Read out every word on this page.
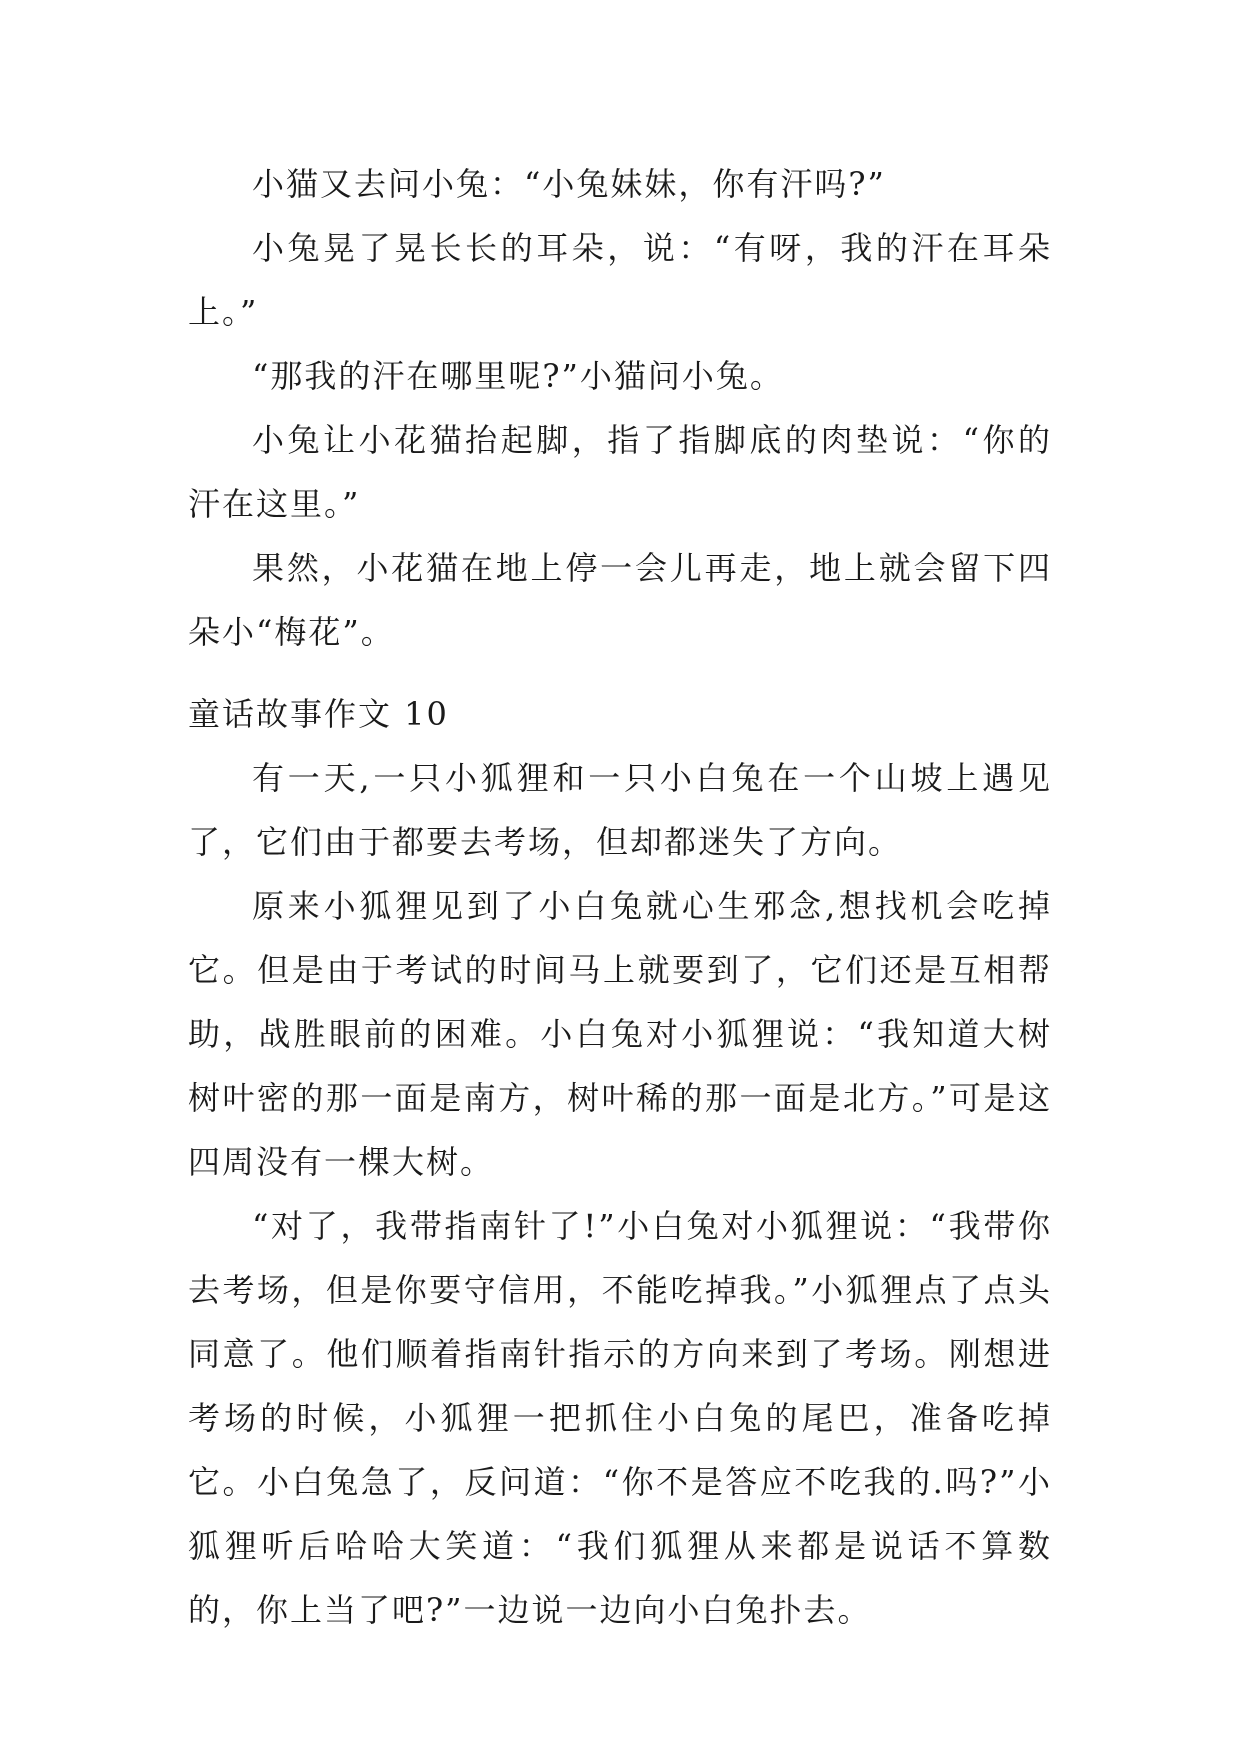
小猫又去问小兔：“小兔妹妹，你有汗吗?”

小兔晃了晃长长的耳朵，说：“有呀，我的汗在耳朵上。”

“那我的汗在哪里呢?”小猫问小兔。

小兔让小花猫抬起脚，指了指脚底的肉垫说：“你的汗在这里。”

果然，小花猫在地上停一会儿再走，地上就会留下四朵小“梅花”。

童话故事作文 10

有一天,一只小狐狸和一只小白兔在一个山坡上遇见了，它们由于都要去考场，但却都迷失了方向。

原来小狐狸见到了小白兔就心生邪念,想找机会吃掉它。但是由于考试的时间马上就要到了，它们还是互相帮助，战胜眼前的困难。小白兔对小狐狸说：“我知道大树树叶密的那一面是南方，树叶稀的那一面是北方。”可是这四周没有一棵大树。

“对了，我带指南针了!”小白兔对小狐狸说：“我带你去考场，但是你要守信用，不能吃掉我。”小狐狸点了点头同意了。他们顺着指南针指示的方向来到了考场。刚想进考场的时候，小狐狸一把抓住小白兔的尾巴，准备吃掉它。小白兔急了，反问道：“你不是答应不吃我的.吗?”小狐狸听后哈哈大笑道：“我们狐狸从来都是说话不算数的，你上当了吧?”一边说一边向小白兔扑去。
